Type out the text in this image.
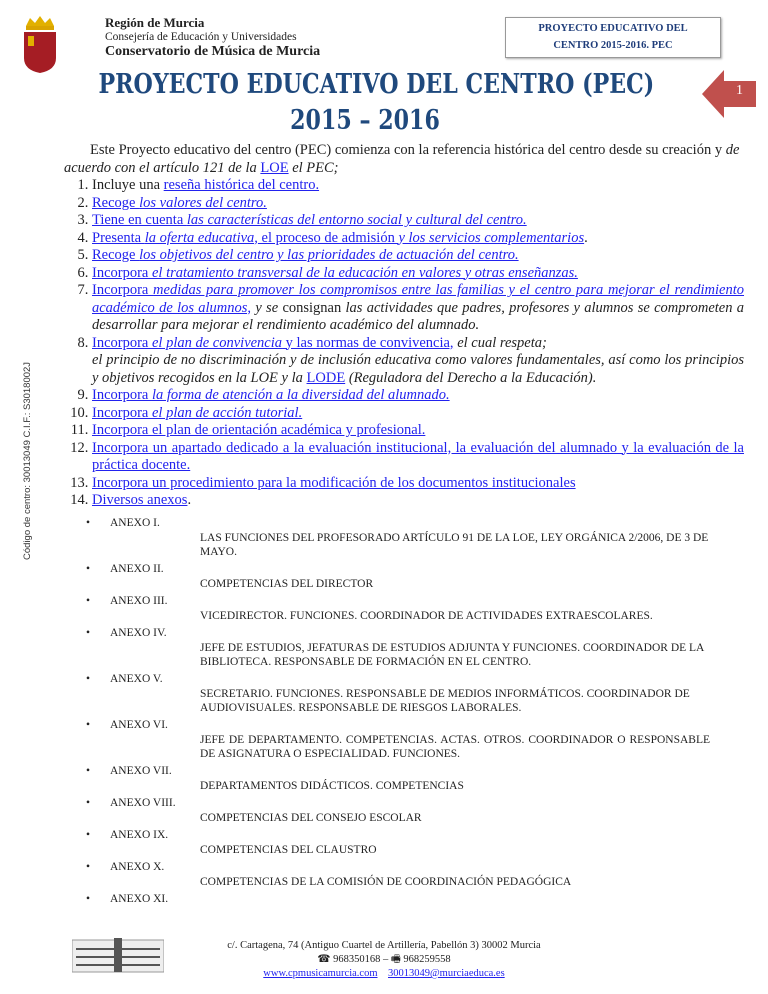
Región de Murcia
Consejería de Educación y Universidades
Conservatorio de Música de Murcia
PROYECTO EDUCATIVO DEL
CENTRO 2015-2016. PEC
PROYECTO EDUCATIVO DEL CENTRO (PEC)
2015 – 2016
1
Código de centro: 30013049 C.I.F.: S3018002J

Este Proyecto educativo del centro (PEC) comienza con la referencia histórica del centro desde su creación y de acuerdo con el artículo 121 de la LOE el PEC;

1. Incluye una reseña histórica del centro.
2. Recoge los valores del centro.
3. Tiene en cuenta las características del entorno social y cultural del centro.
4. Presenta la oferta educativa, el proceso de admisión y los servicios complementarios.
5. Recoge los objetivos del centro y las prioridades de actuación del centro.
6. Incorpora el tratamiento transversal de la educación en valores y otras enseñanzas.
7. Incorpora medidas para promover los compromisos entre las familias y el centro para mejorar el rendimiento académico de los alumnos, y se consignan las actividades que padres, profesores y alumnos se comprometen a desarrollar para mejorar el rendimiento académico del alumnado.
8. Incorpora el plan de convivencia y las normas de convivencia, el cual respeta;
el principio de no discriminación y de inclusión educativa como valores fundamentales, así como los principios y objetivos recogidos en la LOE y la LODE (Reguladora del Derecho a la Educación).
9. Incorpora la forma de atención a la diversidad del alumnado.
10. Incorpora el plan de acción tutorial.
11. Incorpora el plan de orientación académica y profesional.
12. Incorpora un apartado dedicado a la evaluación institucional, la evaluación del alumnado y la evaluación de la práctica docente.
13. Incorpora un procedimiento para la modificación de los documentos institucionales
14. Diversos anexos.
• ANEXO I.
LAS FUNCIONES DEL PROFESORADO ARTÍCULO 91 DE LA LOE, LEY ORGÁNICA 2/2006, DE 3 DE MAYO.
• ANEXO II.
COMPETENCIAS DEL DIRECTOR
• ANEXO III.
VICEDIRECTOR. FUNCIONES. COORDINADOR DE ACTIVIDADES EXTRAESCOLARES.
• ANEXO IV.
JEFE DE ESTUDIOS, JEFATURAS DE ESTUDIOS ADJUNTA Y FUNCIONES. COORDINADOR DE LA BIBLIOTECA. RESPONSABLE DE FORMACIÓN EN EL CENTRO.
• ANEXO V.
SECRETARIO. FUNCIONES. RESPONSABLE DE MEDIOS INFORMÁTICOS. COORDINADOR DE AUDIOVISUALES. RESPONSABLE DE RIESGOS LABORALES.
• ANEXO VI.
JEFE DE DEPARTAMENTO. COMPETENCIAS. ACTAS. OTROS. COORDINADOR O RESPONSABLE DE ASIGNATURA O ESPECIALIDAD. FUNCIONES.
• ANEXO VII.
DEPARTAMENTOS DIDÁCTICOS. COMPETENCIAS
• ANEXO VIII.
COMPETENCIAS DEL CONSEJO ESCOLAR
• ANEXO IX.
COMPETENCIAS DEL CLAUSTRO
• ANEXO X.
COMPETENCIAS DE LA COMISIÓN DE COORDINACIÓN PEDAGÓGICA
• ANEXO XI.
c/. Cartagena, 74 (Antiguo Cuartel de Artillería, Pabellón 3) 30002 Murcia
☎ 968350168 – 🖷 968259558
www.cpmusicamurcia.com 30013049@murciaeduca.es
